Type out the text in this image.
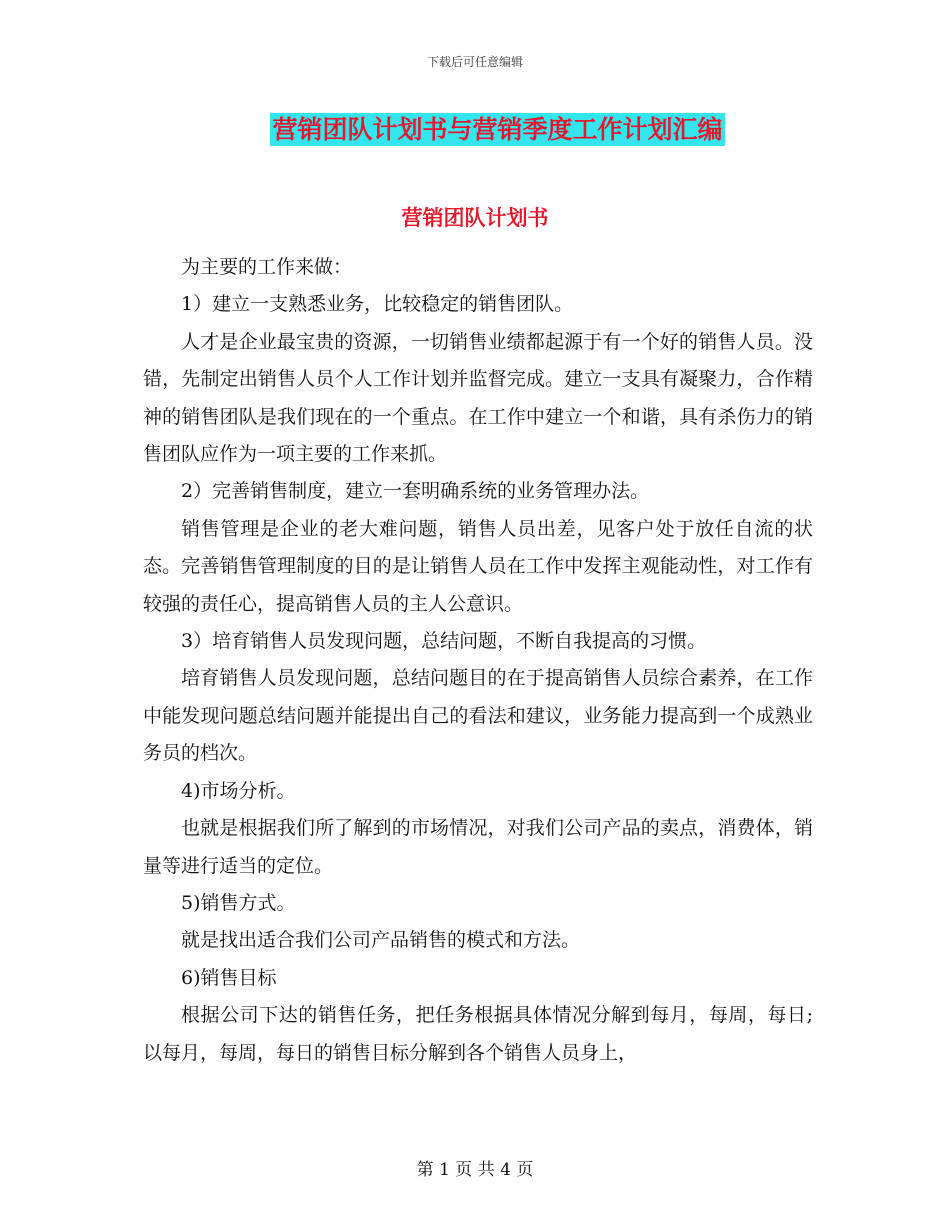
下载后可任意编辑
营销团队计划书与营销季度工作计划汇编
营销团队计划书

为主要的工作来做：

1）建立一支熟悉业务，比较稳定的销售团队。

人才是企业最宝贵的资源，一切销售业绩都起源于有一个好的销售人员。没错，先制定出销售人员个人工作计划并监督完成。建立一支具有凝聚力，合作精神的销售团队是我们现在的一个重点。在工作中建立一个和谐，具有杀伤力的销售团队应作为一项主要的工作来抓。

2）完善销售制度，建立一套明确系统的业务管理办法。

销售管理是企业的老大难问题，销售人员出差，见客户处于放任自流的状态。完善销售管理制度的目的是让销售人员在工作中发挥主观能动性，对工作有较强的责任心，提高销售人员的主人公意识。

3）培育销售人员发现问题，总结问题，不断自我提高的习惯。

培育销售人员发现问题，总结问题目的在于提高销售人员综合素养，在工作中能发现问题总结问题并能提出自己的看法和建议，业务能力提高到一个成熟业务员的档次。

4)市场分析。

也就是根据我们所了解到的市场情况，对我们公司产品的卖点，消费体，销量等进行适当的定位。

5)销售方式。

就是找出适合我们公司产品销售的模式和方法。

6)销售目标

根据公司下达的销售任务，把任务根据具体情况分解到每月，每周，每日;以每月，每周，每日的销售目标分解到各个销售人员身上，

第 1 页 共 4 页
